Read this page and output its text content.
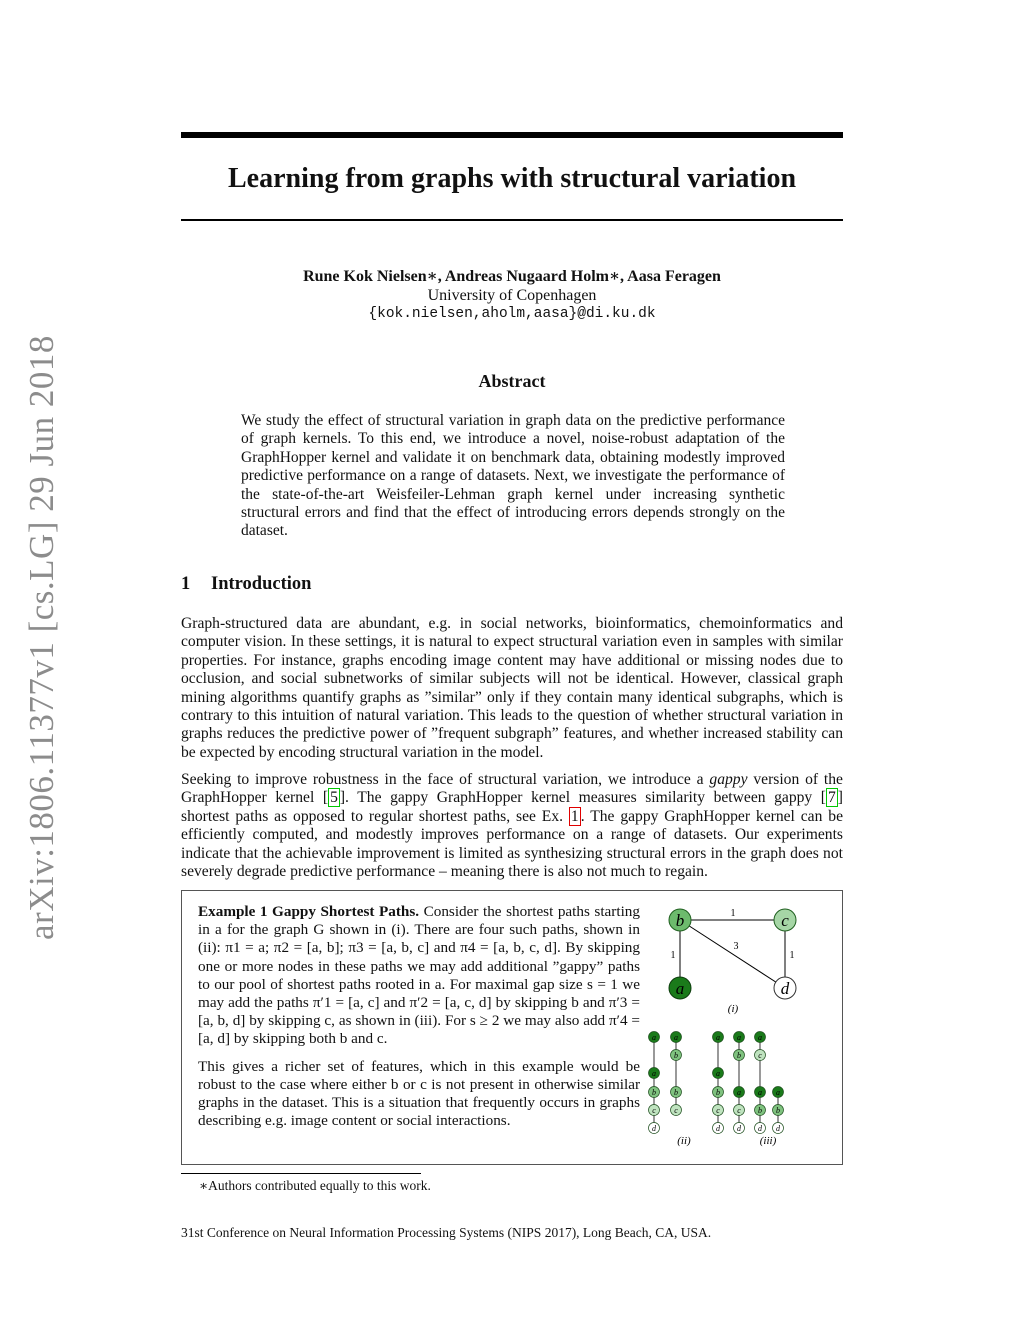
arXiv:1806.11377v1 [cs.LG] 29 Jun 2018
Learning from graphs with structural variation
Rune Kok Nielsen∗, Andreas Nugaard Holm∗, Aasa Feragen
University of Copenhagen
{kok.nielsen,aholm,aasa}@di.ku.dk
Abstract

We study the effect of structural variation in graph data on the predictive performance of graph kernels. To this end, we introduce a novel, noise-robust adaptation of the GraphHopper kernel and validate it on benchmark data, obtaining modestly improved predictive performance on a range of datasets. Next, we investigate the performance of the state-of-the-art Weisfeiler-Lehman graph kernel under increasing synthetic structural errors and find that the effect of introducing errors depends strongly on the dataset.

1 Introduction

Graph-structured data are abundant, e.g. in social networks, bioinformatics, chemoinformatics and computer vision. In these settings, it is natural to expect structural variation even in samples with similar properties. For instance, graphs encoding image content may have additional or missing nodes due to occlusion, and social subnetworks of similar subjects will not be identical. However, classical graph mining algorithms quantify graphs as ”similar” only if they contain many identical subgraphs, which is contrary to this intuition of natural variation. This leads to the question of whether structural variation in graphs reduces the predictive power of ”frequent subgraph” features, and whether increased stability can be expected by encoding structural variation in the model.

Seeking to improve robustness in the face of structural variation, we introduce a gappy version of the GraphHopper kernel [ 5 ]. The gappy GraphHopper kernel measures similarity between gappy [ 7 ] shortest paths as opposed to regular shortest paths, see Ex. 1 . The gappy GraphHopper kernel can be efficiently computed, and modestly improves performance on a range of datasets. Our experiments indicate that the achievable improvement is limited as synthesizing structural errors in the graph does not severely degrade predictive performance – meaning there is also not much to regain.

Example 1 Gappy Shortest Paths. Consider the shortest paths starting in a for the graph G shown in (i). There are four such paths, shown in (ii): π1 = a; π2 = [a, b]; π3 = [a, b, c] and π4 = [a, b, c, d]. By skipping one or more nodes in these paths we may add additional ”gappy” paths to our pool of shortest paths rooted in a. For maximal gap size s = 1 we may add the paths π′1 = [a, c] and π′2 = [a, c, d] by skipping b and π′3 = [a, b, d] by skipping c, as shown in (iii). For s ≥ 2 we may also add π′4 = [a, d] by skipping both b and c.

This gives a richer set of features, which in this example would be robust to the case where either b or c is not present in otherwise similar graphs in the dataset. This is a situation that frequently occurs in graphs describing e.g. image content or social interactions.

1
1	1
3
b	c
a	d
(i)
a
a
b
c
d
a
b
b
c
a
a
b
c
d
a
b
a
c
d
a
c
a
b
d
a
b
d
(ii)	(iii)
∗Authors contributed equally to this work.
31st Conference on Neural Information Processing Systems (NIPS 2017), Long Beach, CA, USA.
